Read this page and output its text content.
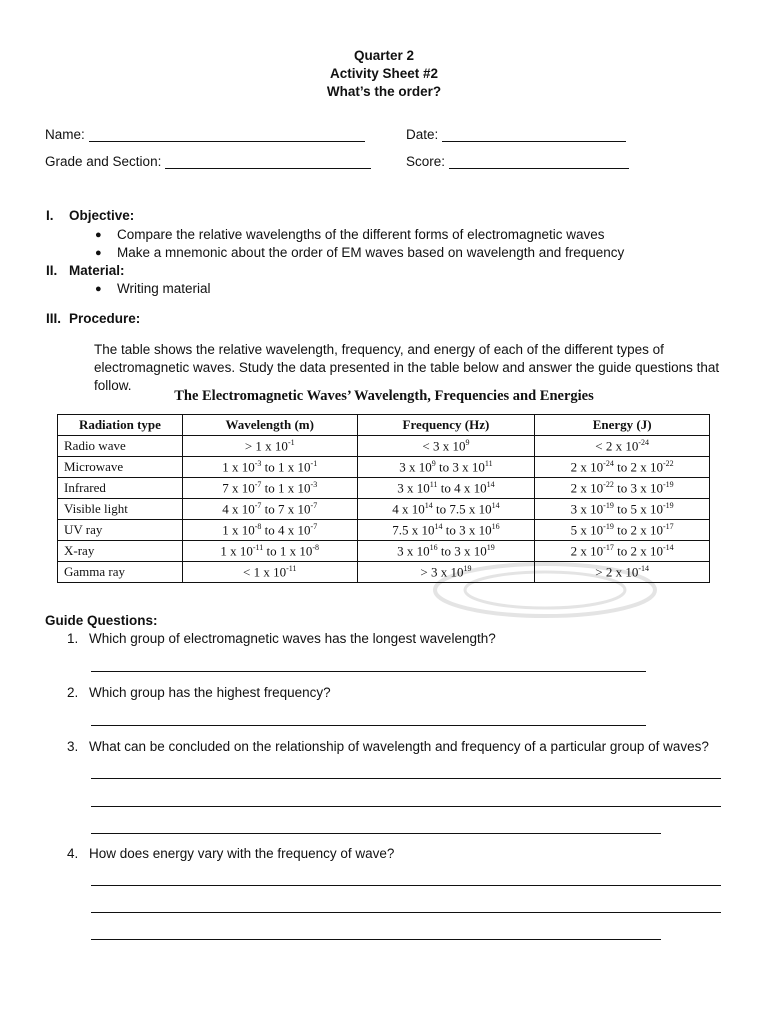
Quarter 2
Activity Sheet #2
What’s the order?
Name:	Date:
Grade and Section:	Score:
I. Objective:
●	Compare the relative wavelengths of the different forms of electromagnetic waves
●	Make a mnemonic about the order of EM waves based on wavelength and frequency
II. Material:
●	Writing material
III. Procedure:
The table shows the relative wavelength, frequency, and energy of each of the different types of electromagnetic waves. Study the data presented in the table below and answer the guide questions that follow.
The Electromagnetic Waves’ Wavelength, Frequencies and Energies
Radiation type	Wavelength (m)	Frequency (Hz)	Energy (J)
Radio wave	> 1 x $10^{-1}$	< 3 x $10^9$	< 2 x $10^{-24}$
Microwave	1 x $10^{-3}$ to 1 x $10^{-1}$	3 x $10^9$ to 3 x $10^{11}$	2 x $10^{-24}$ to 2 x $10^{-22}$
Infrared	7 x $10^{-7}$ to 1 x $10^{-3}$	3 x $10^{11}$ to 4 x $10^{14}$	2 x $10^{-22}$ to 3 x $10^{-19}$
Visible light	4 x $10^{-7}$ to 7 x $10^{-7}$	4 x $10^{14}$ to 7.5 x $10^{14}$	3 x $10^{-19}$ to 5 x $10^{-19}$
UV ray	1 x $10^{-8}$ to 4 x $10^{-7}$	7.5 x $10^{14}$ to 3 x $10^{16}$	5 x $10^{-19}$ to 2 x $10^{-17}$
X-ray	1 x $10^{-11}$ to 1 x $10^{-8}$	3 x $10^{16}$ to 3 x $10^{19}$	2 x $10^{-17}$ to 2 x $10^{-14}$
Gamma ray	< 1 x $10^{-11}$	> 3 x $10^{19}$	> 2 x $10^{-14}$
Guide Questions:
1. Which group of electromagnetic waves has the longest wavelength?
2. Which group has the highest frequency?
3. What can be concluded on the relationship of wavelength and frequency of a particular group of waves?
4. How does energy vary with the frequency of wave?
